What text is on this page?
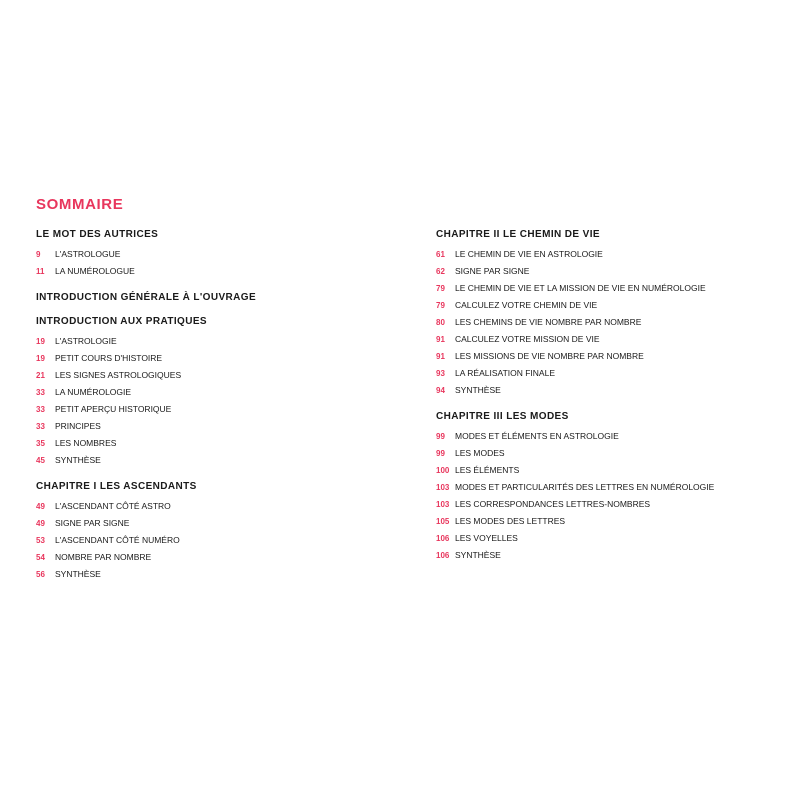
SOMMAIRE
LE MOT DES AUTRICES
9	L'ASTROLOGUE
11	LA NUMÉROLOGUE
INTRODUCTION GÉNÉRALE À L'OUVRAGE
INTRODUCTION AUX PRATIQUES
19	L'ASTROLOGIE
19	PETIT COURS D'HISTOIRE
21	LES SIGNES ASTROLOGIQUES
33	LA NUMÉROLOGIE
33	PETIT APERÇU HISTORIQUE
33	PRINCIPES
35	LES NOMBRES
45	SYNTHÈSE
CHAPITRE I LES ASCENDANTS
49	L'ASCENDANT CÔTÉ ASTRO
49	SIGNE PAR SIGNE
53	L'ASCENDANT CÔTÉ NUMÉRO
54	NOMBRE PAR NOMBRE
56	SYNTHÈSE
CHAPITRE II LE CHEMIN DE VIE
61	LE CHEMIN DE VIE EN ASTROLOGIE
62	SIGNE PAR SIGNE
79	LE CHEMIN DE VIE ET LA MISSION DE VIE EN NUMÉROLOGIE
79	CALCULEZ VOTRE CHEMIN DE VIE
80	LES CHEMINS DE VIE NOMBRE PAR NOMBRE
91	CALCULEZ VOTRE MISSION DE VIE
91	LES MISSIONS DE VIE NOMBRE PAR NOMBRE
93	LA RÉALISATION FINALE
94	SYNTHÈSE
CHAPITRE III LES MODES
99	MODES ET ÉLÉMENTS EN ASTROLOGIE
99	LES MODES
100 LES ÉLÉMENTS
103 MODES ET PARTICULARITÉS DES LETTRES EN NUMÉROLOGIE
103 LES CORRESPONDANCES LETTRES-NOMBRES
105 LES MODES DES LETTRES
106 LES VOYELLES
106 SYNTHÈSE
